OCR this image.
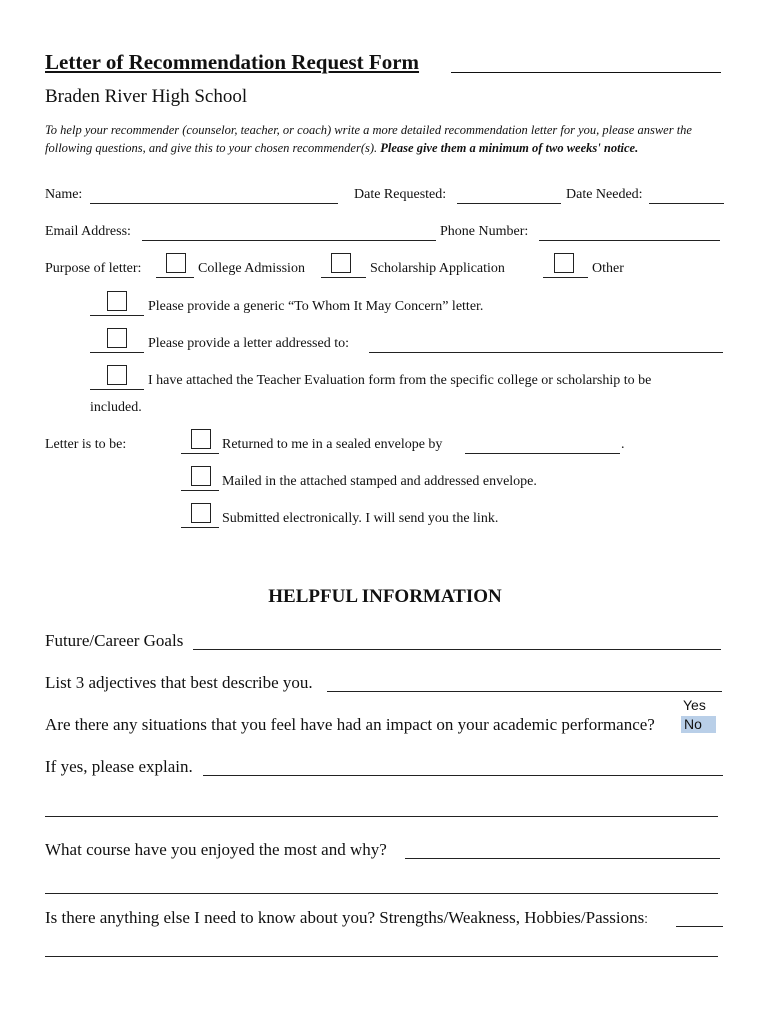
Letter of Recommendation Request Form
Braden River High School
To help your recommender (counselor, teacher, or coach) write a more detailed recommendation letter for you, please answer the following questions, and give this to your chosen recommender(s). Please give them a minimum of two weeks' notice.
Name:	Date Requested:	Date Needed:
Email Address:	Phone Number:
Purpose of letter:	College Admission	Scholarship Application	Other
Please provide a generic “To Whom It May Concern” letter.
Please provide a letter addressed to:
I have attached the Teacher Evaluation form from the specific college or scholarship to be
included.
Letter is to be:	Returned to me in a sealed envelope by	.
Mailed in the attached stamped and addressed envelope.
Submitted electronically. I will send you the link.
HELPFUL INFORMATION
Future/Career Goals
List 3 adjectives that best describe you.
Are there any situations that you feel have had an impact on your academic performance?
Yes
No
If yes, please explain.
What course have you enjoyed the most and why?
Is there anything else I need to know about you? Strengths/Weakness, Hobbies/Passions:
